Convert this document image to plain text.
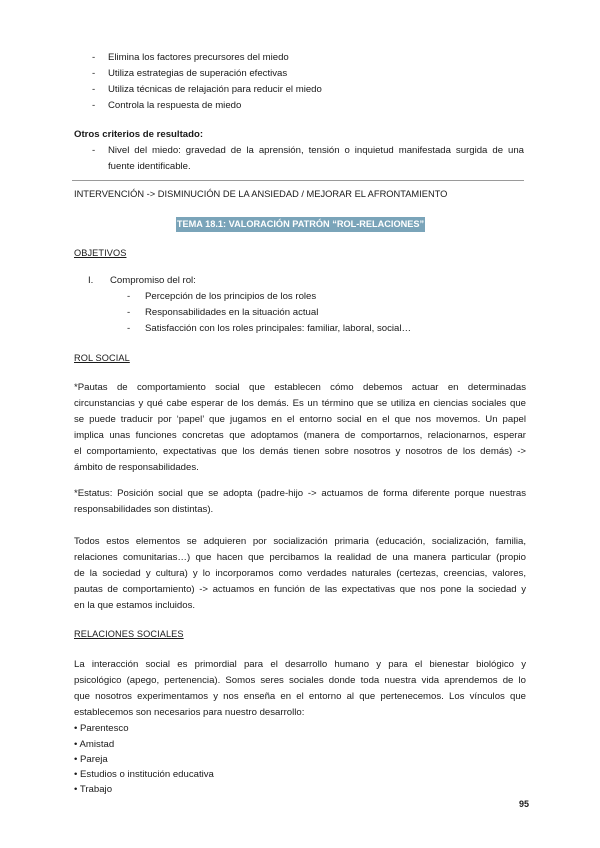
- Elimina los factores precursores del miedo
- Utiliza estrategias de superación efectivas
- Utiliza técnicas de relajación para reducir el miedo
- Controla la respuesta de miedo
Otros criterios de resultado:
- Nivel del miedo: gravedad de la aprensión, tensión o inquietud manifestada surgida de una
fuente identificable.
INTERVENCIÓN -> DISMINUCIÓN DE LA ANSIEDAD / MEJORAR EL AFRONTAMIENTO
TEMA 18.1: VALORACIÓN PATRÓN “ROL-RELACIONES”
OBJETIVOS
I. Compromiso del rol:
- Percepción de los principios de los roles
- Responsabilidades en la situación actual
- Satisfacción con los roles principales: familiar, laboral, social…
ROL SOCIAL
*Pautas de comportamiento social que establecen cómo debemos actuar en determinadas
circunstancias y qué cabe esperar de los demás. Es un término que se utiliza en ciencias sociales que
se puede traducir por ‘papel’ que jugamos en el entorno social en el que nos movemos. Un papel
implica unas funciones concretas que adoptamos (manera de comportarnos, relacionarnos, esperar
el comportamiento, expectativas que los demás tienen sobre nosotros y nosotros de los demás) ->
ámbito de responsabilidades.
*Estatus: Posición social que se adopta (padre-hijo -> actuamos de forma diferente porque nuestras
responsabilidades son distintas).
Todos estos elementos se adquieren por socialización primaria (educación, socialización, familia,
relaciones comunitarias…) que hacen que percibamos la realidad de una manera particular (propio
de la sociedad y cultura) y lo incorporamos como verdades naturales (certezas, creencias, valores,
pautas de comportamiento) -> actuamos en función de las expectativas que nos pone la sociedad y
en la que estamos incluidos.
RELACIONES SOCIALES
La interacción social es primordial para el desarrollo humano y para el bienestar biológico y
psicológico (apego, pertenencia). Somos seres sociales donde toda nuestra vida aprendemos de lo
que nosotros experimentamos y nos enseña en el entorno al que pertenecemos. Los vínculos que
establecemos son necesarios para nuestro desarrollo:
• Parentesco
• Amistad
• Pareja
• Estudios o institución educativa
• Trabajo
95
